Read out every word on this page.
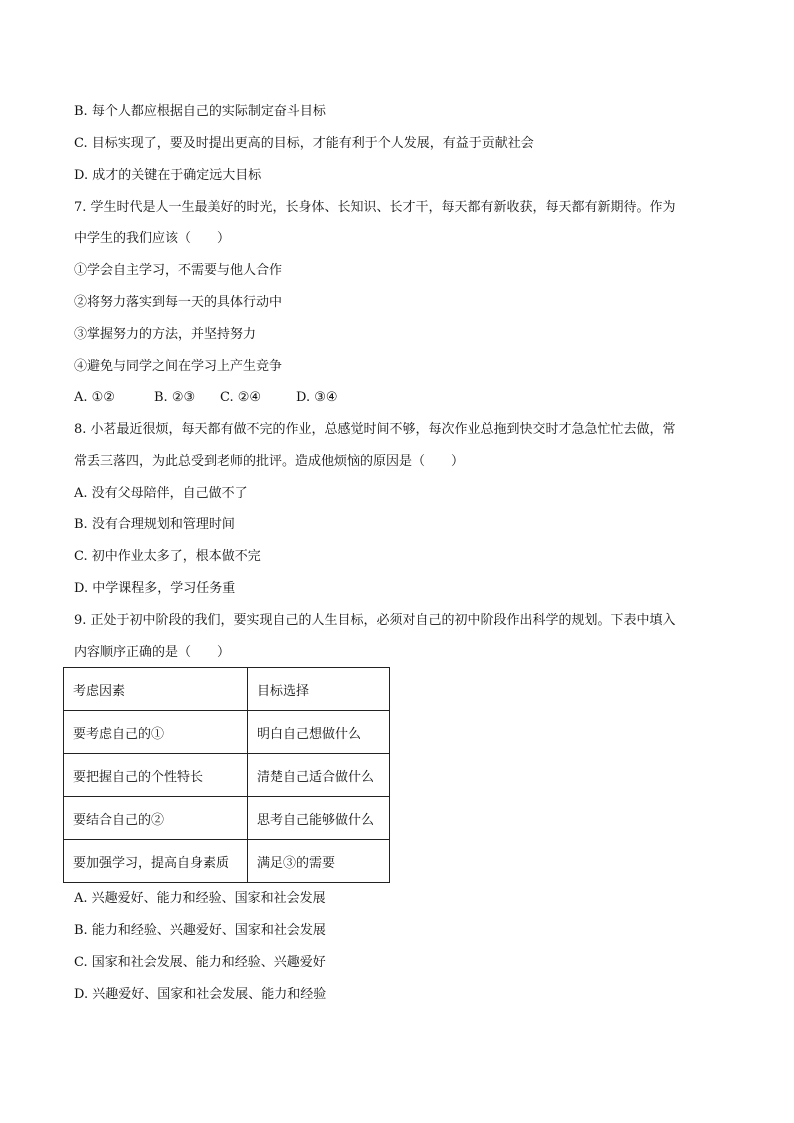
B. 每个人都应根据自己的实际制定奋斗目标
C. 目标实现了，要及时提出更高的目标，才能有利于个人发展，有益于贡献社会
D. 成才的关键在于确定远大目标
7. 学生时代是人一生最美好的时光，长身体、长知识、长才干，每天都有新收获，每天都有新期待。作为
中学生的我们应该（　　）
①学会自主学习，不需要与他人合作
②将努力落实到每一天的具体行动中
③掌握努力的方法，并坚持努力
④避免与同学之间在学习上产生竞争
A. ①②	B. ②③ C. ②④	D. ③④
8. 小茗最近很烦，每天都有做不完的作业，总感觉时间不够，每次作业总拖到快交时才急急忙忙去做，常
常丢三落四，为此总受到老师的批评。造成他烦恼的原因是（　　）
A. 没有父母陪伴，自己做不了
B. 没有合理规划和管理时间
C. 初中作业太多了，根本做不完
D. 中学课程多，学习任务重
9. 正处于初中阶段的我们，要实现自己的人生目标，必须对自己的初中阶段作出科学的规划。下表中填入
内容顺序正确的是（　　）
考虑因素	目标选择
要考虑自己的①	明白自己想做什么
要把握自己的个性特长	清楚自己适合做什么
要结合自己的②	思考自己能够做什么
要加强学习，提高自身素质	满足③的需要
A. 兴趣爱好、能力和经验、国家和社会发展
B. 能力和经验、兴趣爱好、国家和社会发展
C. 国家和社会发展、能力和经验、兴趣爱好
D. 兴趣爱好、国家和社会发展、能力和经验
